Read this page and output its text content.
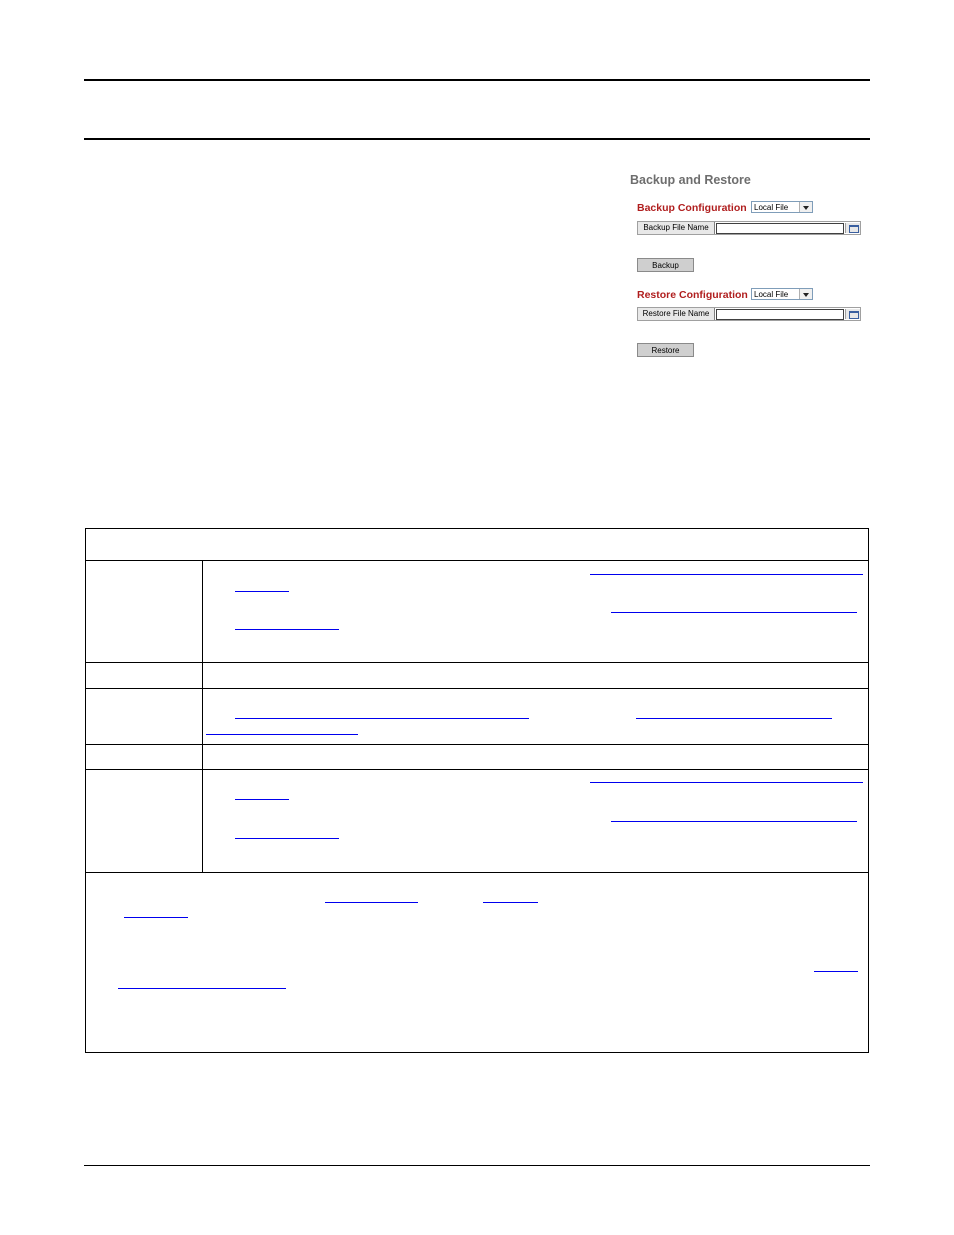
Backup and Restore
Backup Configuration Local File
Backup File Name
Backup
Restore Configuration Local File
Restore File Name
Restore
